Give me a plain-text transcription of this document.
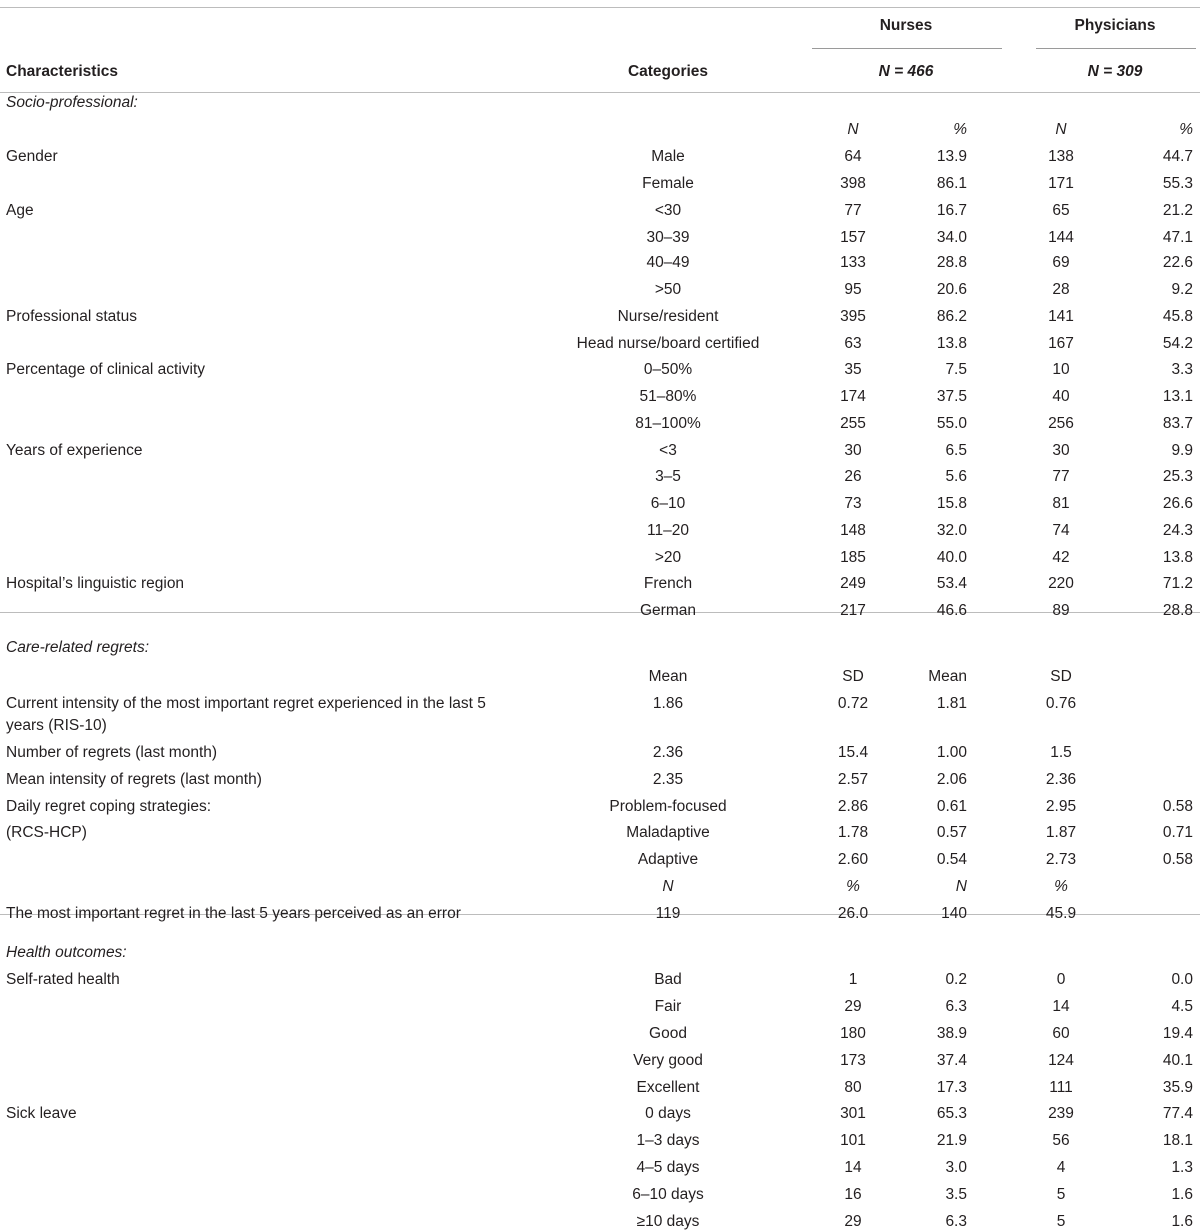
Nurses	Physicians
Characteristics	Categories	N = 466	N = 309
Socio-professional:
N	%	N	%
Gender	Male	64	13.9	138	44.7
Female	398	86.1	171	55.3
Age	<30	77	16.7	65	21.2
30–39	157	34.0	144	47.1
40–49	133	28.8	69	22.6
>50	95	20.6	28	9.2
Professional status	Nurse/resident	395	86.2	141	45.8
Head nurse/board certified	63	13.8	167	54.2
Percentage of clinical activity	0–50%	35	7.5	10	3.3
51–80%	174	37.5	40	13.1
81–100%	255	55.0	256	83.7
Years of experience	<3	30	6.5	30	9.9
3–5	26	5.6	77	25.3
6–10	73	15.8	81	26.6
11–20	148	32.0	74	24.3
>20	185	40.0	42	13.8
Hospital’s linguistic region	French	249	53.4	220	71.2
German	217	46.6	89	28.8
Care-related regrets:
Mean	SD	Mean	SD
Current intensity of the most important regret experienced in the last 5 years (RIS-10)
1.86	0.72	1.81	0.76
Number of regrets (last month)	2.36	15.4	1.00	1.5
Mean intensity of regrets (last month)	2.35	2.57	2.06	2.36
Daily regret coping strategies:	Problem-focused	2.86	0.61	2.95	0.58
(RCS-HCP)	Maladaptive	1.78	0.57	1.87	0.71
Adaptive	2.60	0.54	2.73	0.58
N	%	N	%
The most important regret in the last 5 years perceived as an error	119	26.0	140	45.9
Health outcomes:
Self-rated health	Bad	1	0.2	0	0.0
Fair	29	6.3	14	4.5
Good	180	38.9	60	19.4
Very good	173	37.4	124	40.1
Excellent	80	17.3	111	35.9
Sick leave	0 days	301	65.3	239	77.4
1–3 days	101	21.9	56	18.1
4–5 days	14	3.0	4	1.3
6–10 days	16	3.5	5	1.6
≥10 days	29	6.3	5	1.6
